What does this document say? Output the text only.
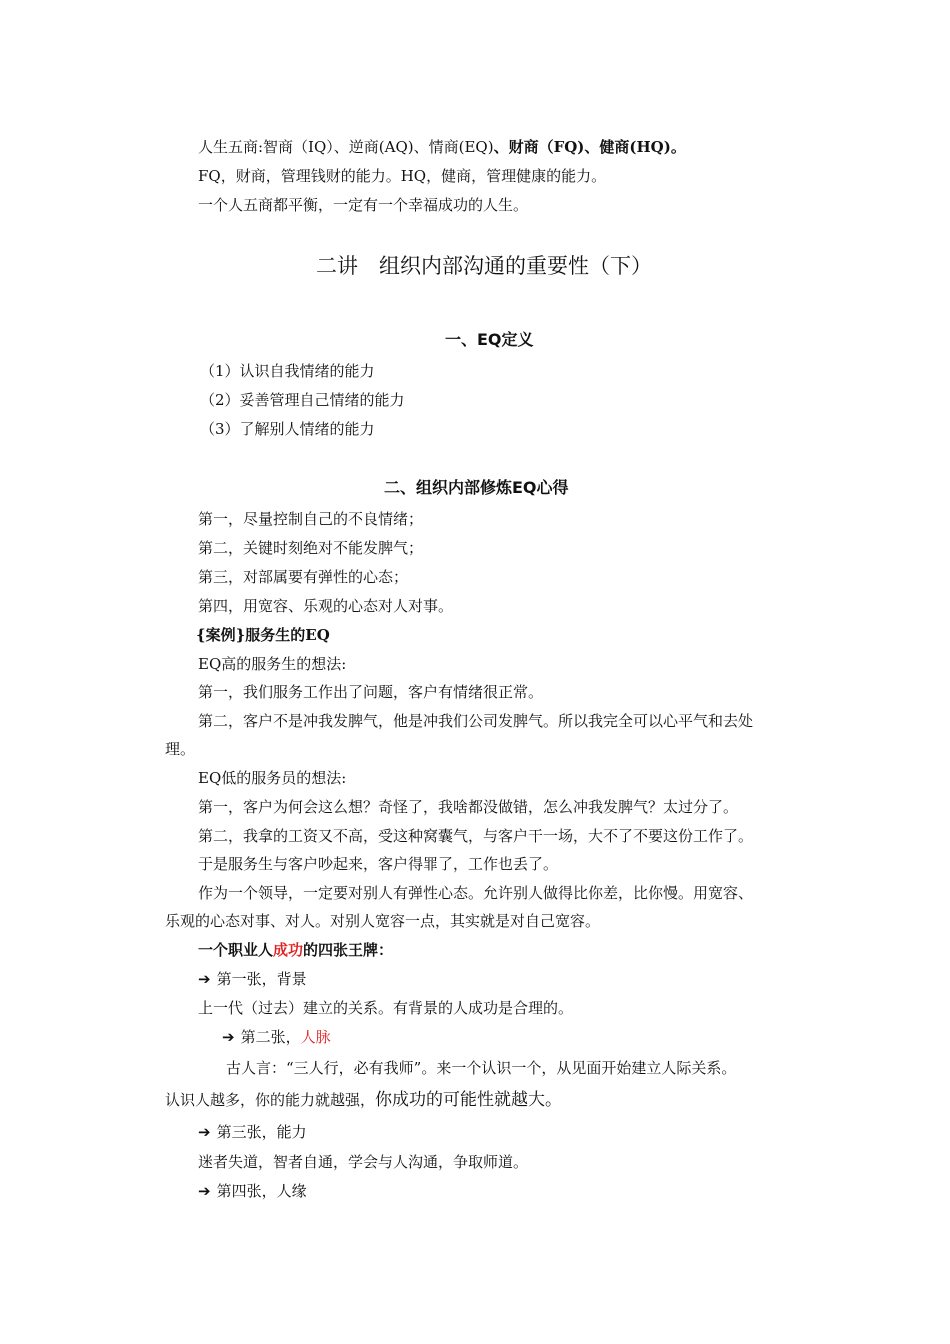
人生五商:智商（IQ）、逆商(AQ)、情商(EQ)、财商（FQ)、健商(HQ)。
FQ，财商，管理钱财的能力。HQ，健商，管理健康的能力。
一个人五商都平衡，一定有一个幸福成功的人生。
二讲　组织内部沟通的重要性（下）
一、EQ定义
（1）认识自我情绪的能力
（2）妥善管理自己情绪的能力
（3）了解别人情绪的能力
二、组织内部修炼EQ心得
第一，尽量控制自己的不良情绪；
第二，关键时刻绝对不能发脾气；
第三，对部属要有弹性的心态；
第四，用宽容、乐观的心态对人对事。
{案例}服务生的EQ
EQ高的服务生的想法:
第一，我们服务工作出了问题，客户有情绪很正常。
第二，客户不是冲我发脾气，他是冲我们公司发脾气。所以我完全可以心平气和去处
理。
EQ低的服务员的想法:
第一，客户为何会这么想？奇怪了，我啥都没做错，怎么冲我发脾气？太过分了。
第二，我拿的工资又不高，受这种窝囊气，与客户干一场，大不了不要这份工作了。
于是服务生与客户吵起来，客户得罪了，工作也丢了。
作为一个领导，一定要对别人有弹性心态。允许别人做得比你差，比你慢。用宽容、
乐观的心态对事、对人。对别人宽容一点，其实就是对自己宽容。
一个职业人成功的四张王牌：
➔ 第一张，背景
上一代（过去）建立的关系。有背景的人成功是合理的。
➔ 第二张，人脉
古人言：“三人行，必有我师”。来一个认识一个，从见面开始建立人际关系。
认识人越多，你的能力就越强，你成功的可能性就越大。
➔ 第三张，能力
迷者失道，智者自通，学会与人沟通，争取师道。
➔ 第四张，人缘
